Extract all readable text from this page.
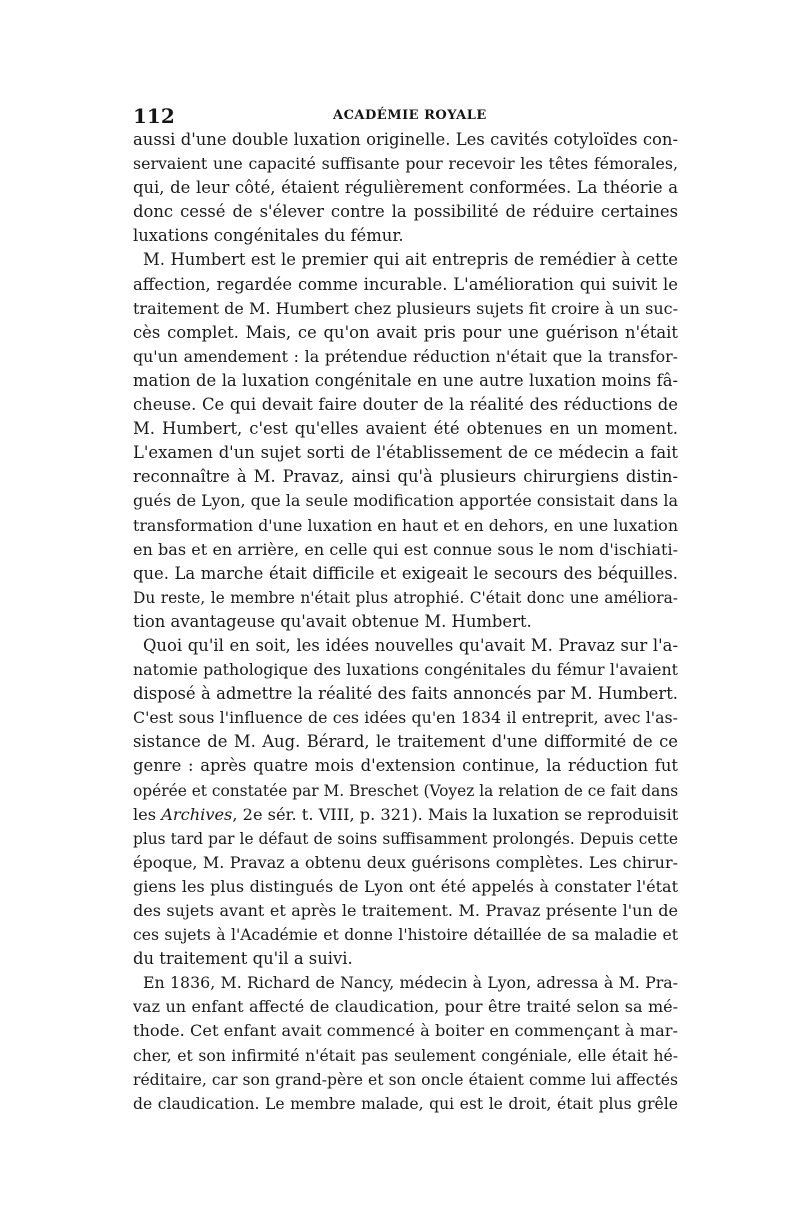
112	ACADÉMIE ROYALE
aussi d'une double luxation originelle. Les cavités cotyloïdes con-
servaient une capacité suffisante pour recevoir les têtes fémorales,
qui, de leur côté, étaient régulièrement conformées. La théorie a
donc cessé de s'élever contre la possibilité de réduire certaines
luxations congénitales du fémur.
M. Humbert est le premier qui ait entrepris de remédier à cette
affection, regardée comme incurable. L'amélioration qui suivit le
traitement de M. Humbert chez plusieurs sujets fit croire à un suc-
cès complet. Mais, ce qu'on avait pris pour une guérison n'était
qu'un amendement : la prétendue réduction n'était que la transfor-
mation de la luxation congénitale en une autre luxation moins fâ-
cheuse. Ce qui devait faire douter de la réalité des réductions de
M. Humbert, c'est qu'elles avaient été obtenues en un moment.
L'examen d'un sujet sorti de l'établissement de ce médecin a fait
reconnaître à M. Pravaz, ainsi qu'à plusieurs chirurgiens distin-
gués de Lyon, que la seule modification apportée consistait dans la
transformation d'une luxation en haut et en dehors, en une luxation
en bas et en arrière, en celle qui est connue sous le nom d'ischiati-
que. La marche était difficile et exigeait le secours des béquilles.
Du reste, le membre n'était plus atrophié. C'était donc une améliora-
tion avantageuse qu'avait obtenue M. Humbert.
Quoi qu'il en soit, les idées nouvelles qu'avait M. Pravaz sur l'a-
natomie pathologique des luxations congénitales du fémur l'avaient
disposé à admettre la réalité des faits annoncés par M. Humbert.
C'est sous l'influence de ces idées qu'en 1834 il entreprit, avec l'as-
sistance de M. Aug. Bérard, le traitement d'une difformité de ce
genre : après quatre mois d'extension continue, la réduction fut
opérée et constatée par M. Breschet (Voyez la relation de ce fait dans
les Archives, 2e sér. t. VIII, p. 321). Mais la luxation se reproduisit
plus tard par le défaut de soins suffisamment prolongés. Depuis cette
époque, M. Pravaz a obtenu deux guérisons complètes. Les chirur-
giens les plus distingués de Lyon ont été appelés à constater l'état
des sujets avant et après le traitement. M. Pravaz présente l'un de
ces sujets à l'Académie et donne l'histoire détaillée de sa maladie et
du traitement qu'il a suivi.
En 1836, M. Richard de Nancy, médecin à Lyon, adressa à M. Pra-
vaz un enfant affecté de claudication, pour être traité selon sa mé-
thode. Cet enfant avait commencé à boiter en commençant à mar-
cher, et son infirmité n'était pas seulement congéniale, elle était hé-
réditaire, car son grand-père et son oncle étaient comme lui affectés
de claudication. Le membre malade, qui est le droit, était plus grêle
